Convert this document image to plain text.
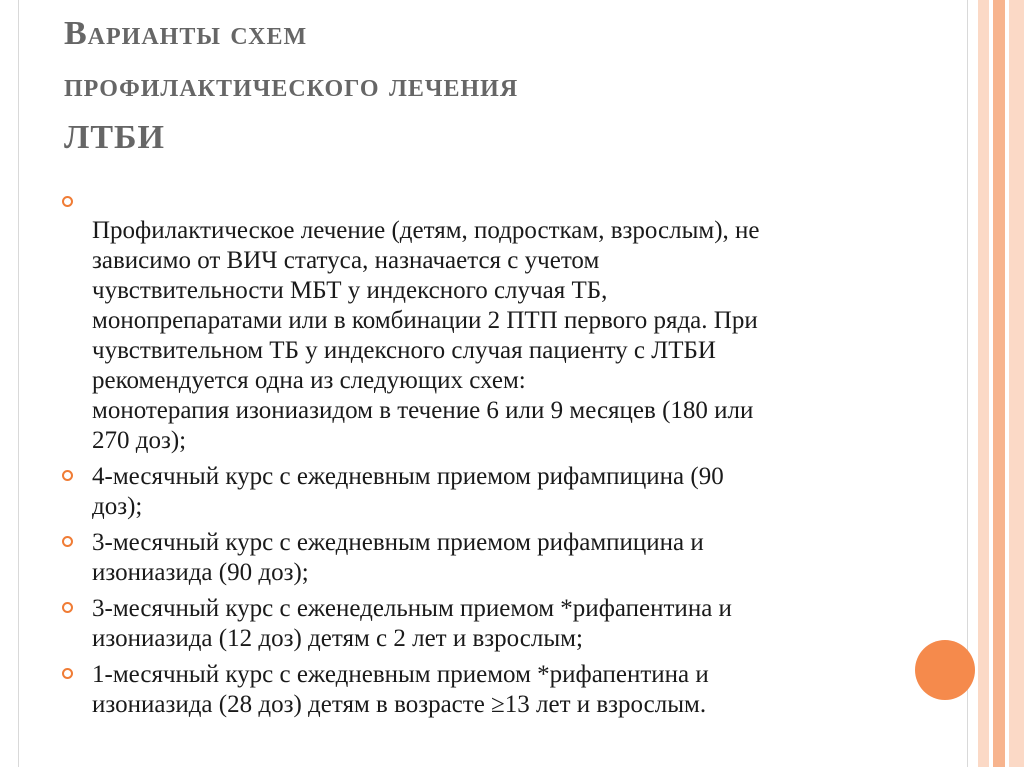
Варианты схем
профилактического лечения
ЛТБИ
Профилактическое лечение (детям, подросткам, взрослым), не
зависимо от ВИЧ статуса, назначается с учетом
чувствительности МБТ у индексного случая ТБ,
монопрепаратами или в комбинации 2 ПТП первого ряда. При
чувствительном ТБ у индексного случая пациенту с ЛТБИ
рекомендуется одна из следующих схем:
монотерапия изониазидом в течение 6 или 9 месяцев (180 или
270 доз);
4-месячный курс с ежедневным приемом рифампицина (90
доз);
3-месячный курс с ежедневным приемом рифампицина и
изониазида (90 доз);
3-месячный курс с еженедельным приемом *рифапентина и
изониазида (12 доз) детям с 2 лет и взрослым;
1-месячный курс с ежедневным приемом *рифапентина и
изониазида (28 доз) детям в возрасте ≥13 лет и взрослым.
